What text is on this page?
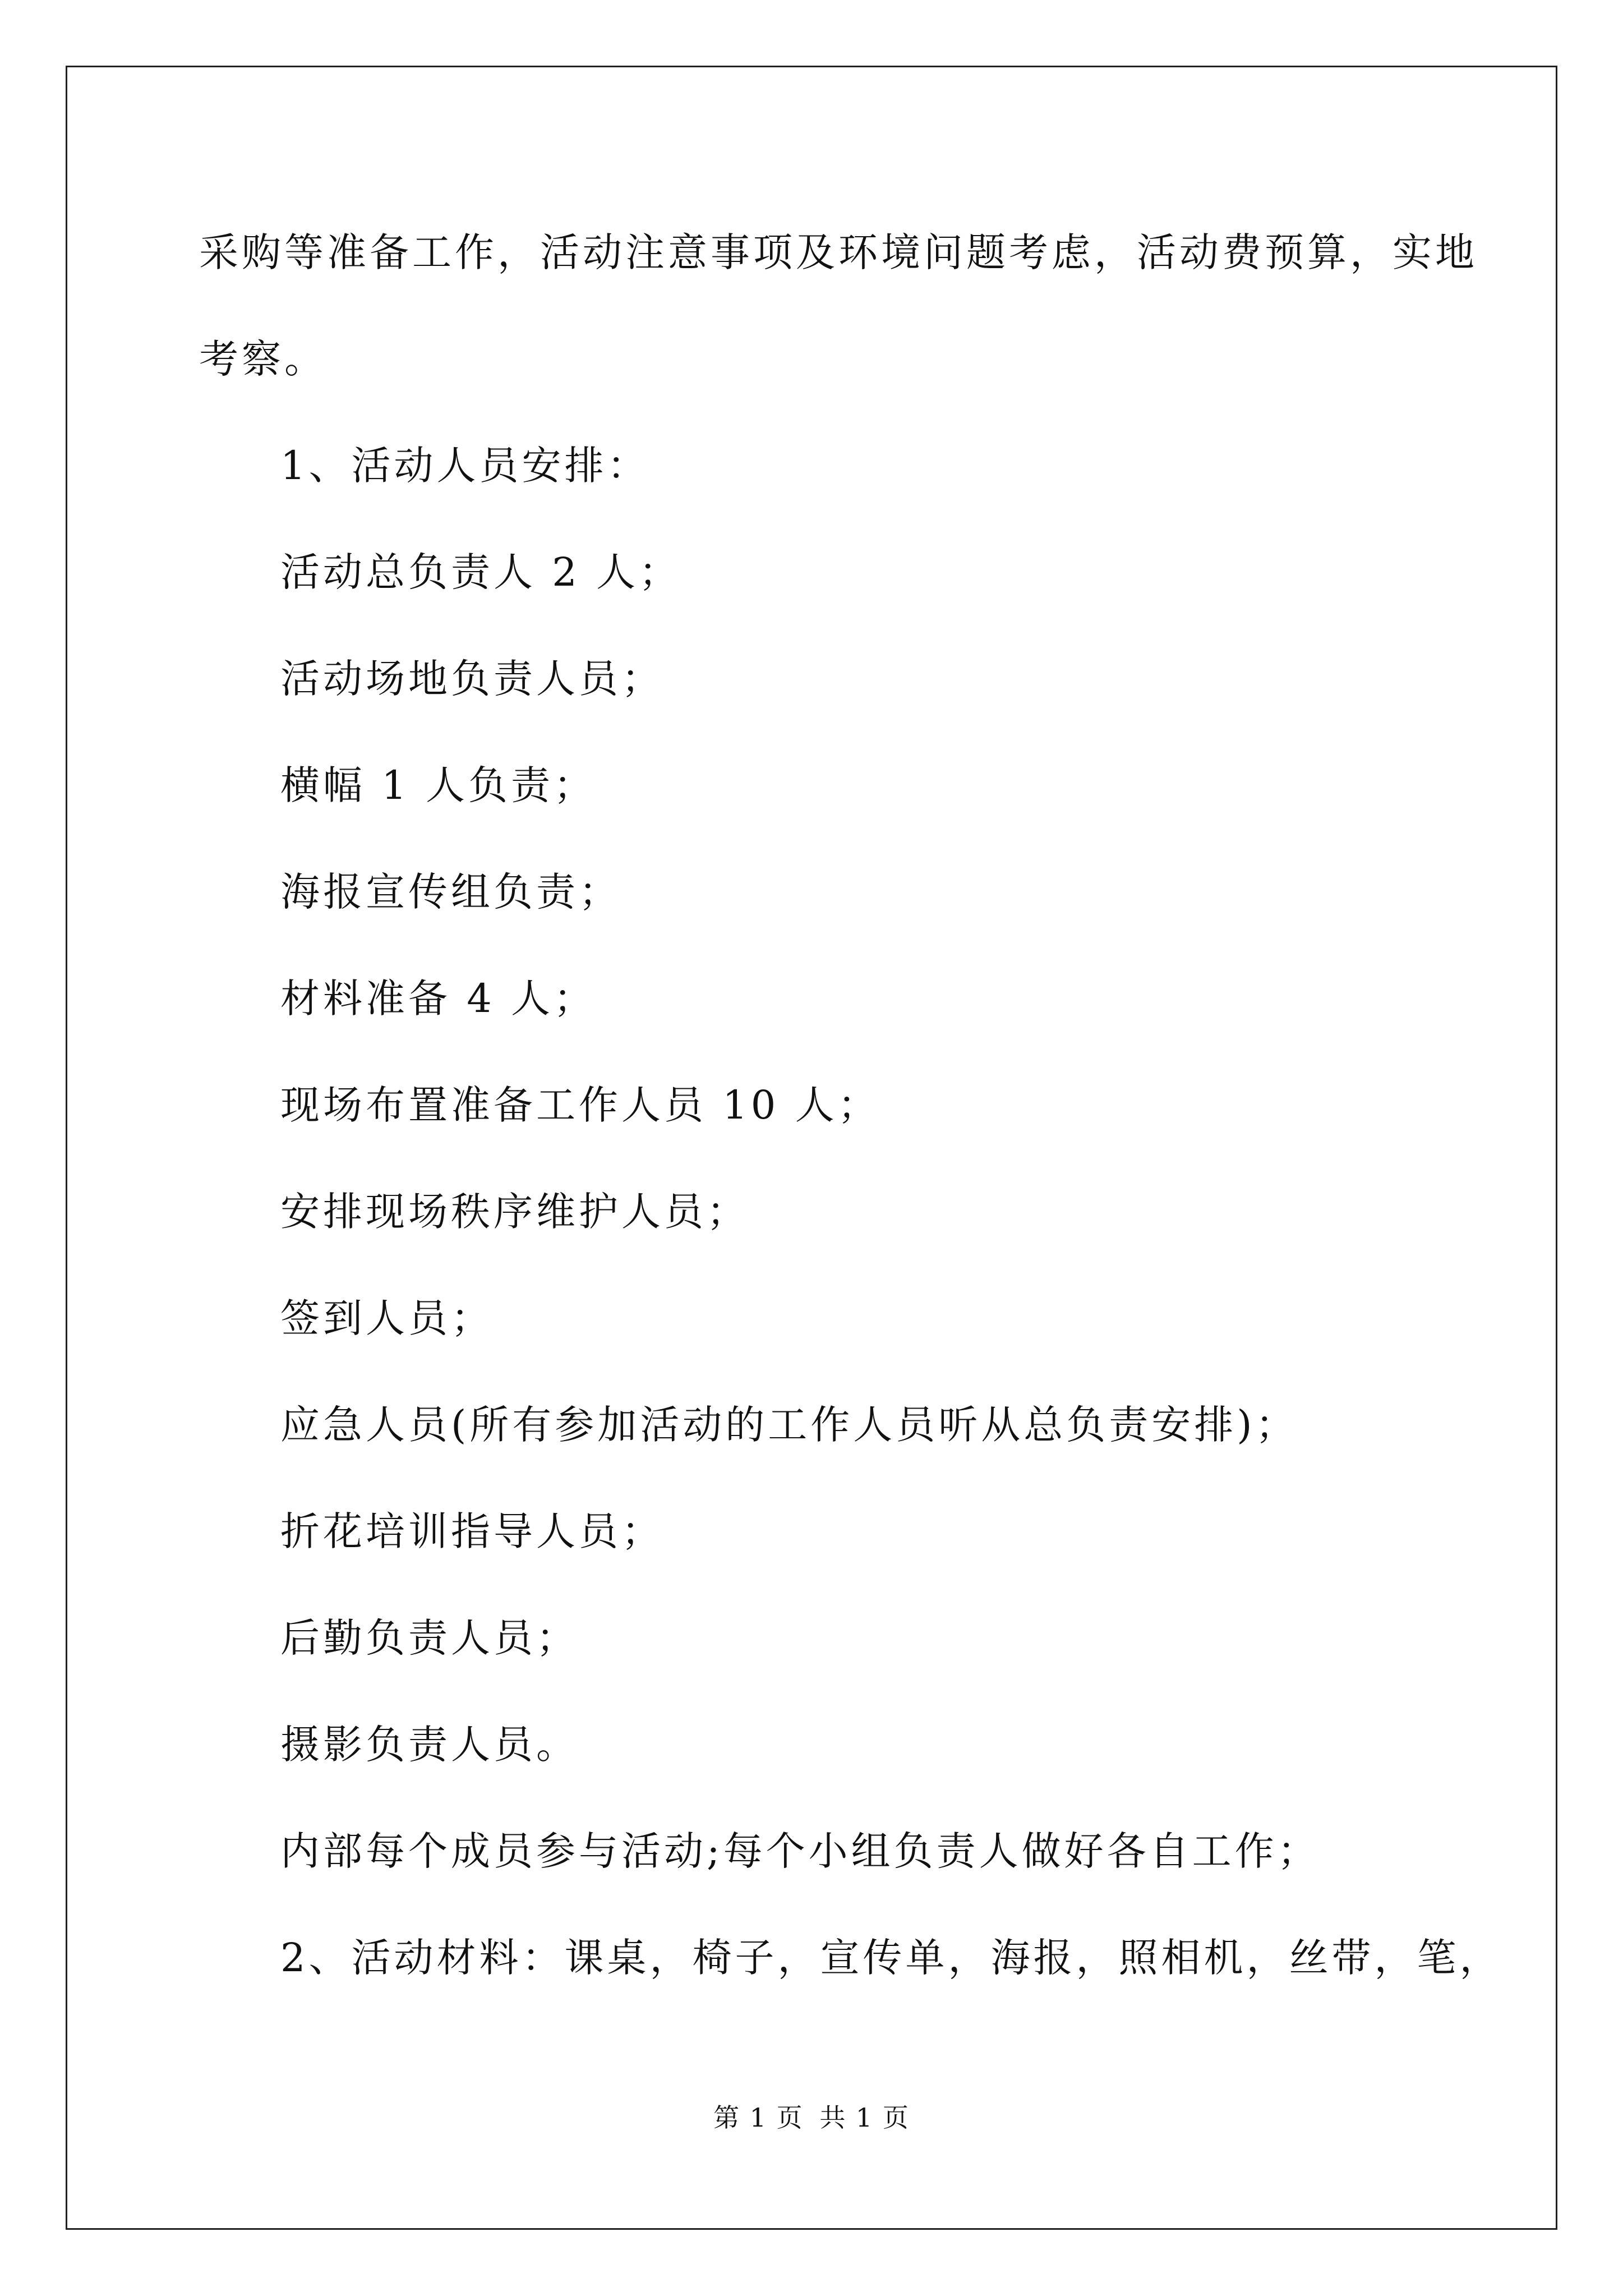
采购等准备工作，活动注意事项及环境问题考虑，活动费预算，实地
考察。
1、活动人员安排：
活动总负责人 2 人；
活动场地负责人员；
横幅 1 人负责；
海报宣传组负责；
材料准备 4 人；
现场布置准备工作人员 10 人；
安排现场秩序维护人员；
签到人员；
应急人员(所有参加活动的工作人员听从总负责安排)；
折花培训指导人员；
后勤负责人员；
摄影负责人员。
内部每个成员参与活动;每个小组负责人做好各自工作；
2、活动材料：课桌，椅子，宣传单，海报，照相机，丝带，笔，
第 1 页 共 1 页
